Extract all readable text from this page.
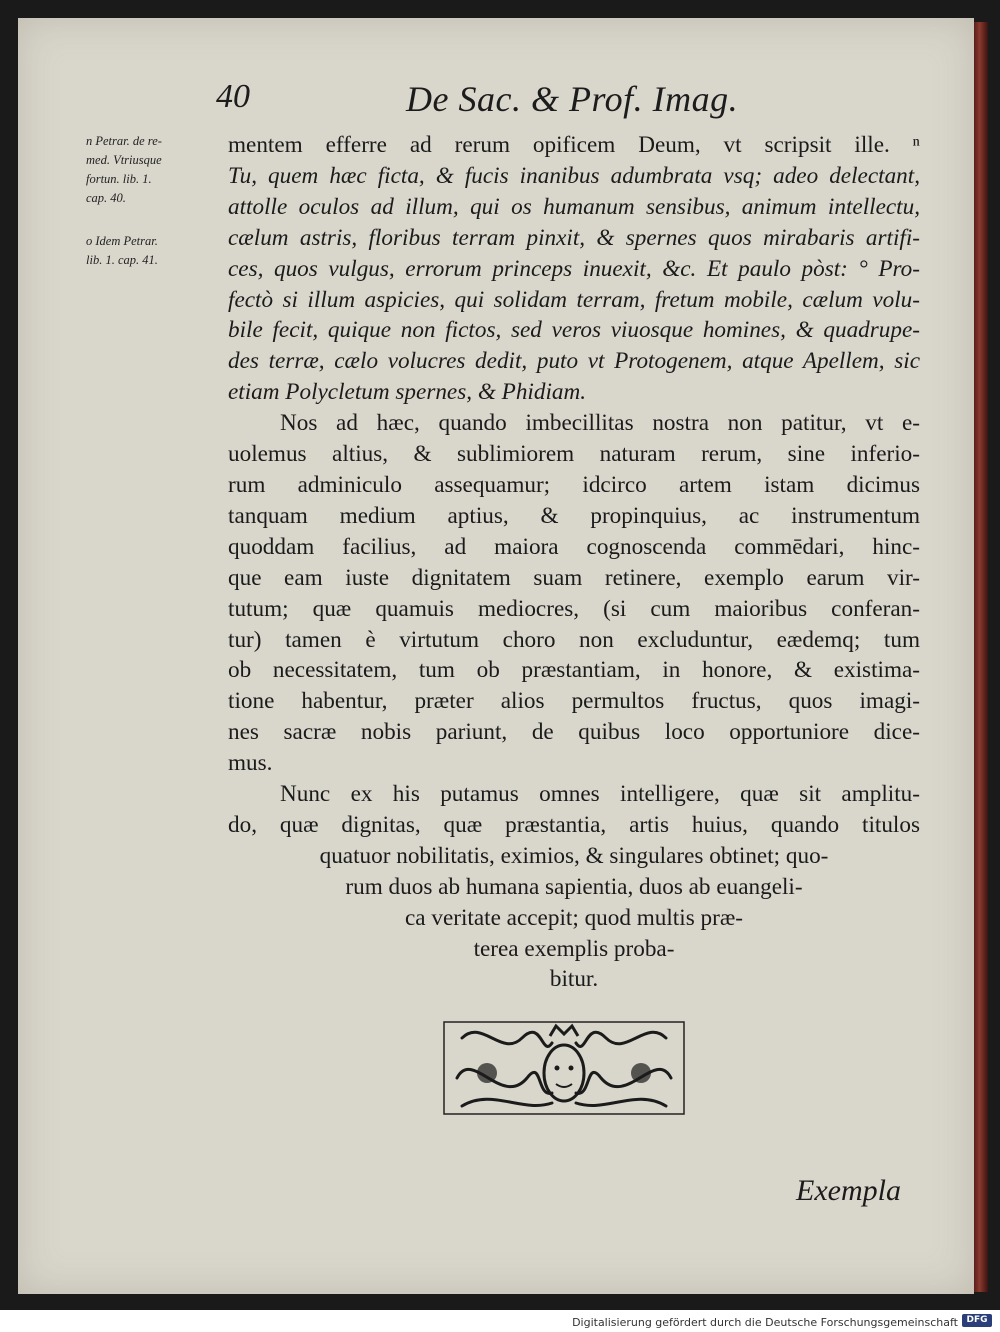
40	De Sac. & Prof. Imag.
n Petrar. de re-
med. Vtriusque
fortun. lib. 1.
cap. 40.
o Idem Petrar.
lib. 1. cap. 41.
mentem efferre ad rerum opificem Deum, vt scripsit ille. ⁿ
Tu, quem hæc ficta, & fucis inanibus adumbrata vsq; adeo delectant,
attolle oculos ad illum, qui os humanum sensibus, animum intellectu,
cælum astris, floribus terram pinxit, & spernes quos mirabaris artifi-
ces, quos vulgus, errorum princeps inuexit, &c. Et paulo pòst: ° Pro-
fectò si illum aspicies, qui solidam terram, fretum mobile, cælum volu-
bile fecit, quique non fictos, sed veros viuosque homines, & quadrupe-
des terræ, cælo volucres dedit, puto vt Protogenem, atque Apellem, sic
etiam Polycletum spernes, & Phidiam.
Nos ad hæc, quando imbecillitas nostra non patitur, vt e-
uolemus altius, & sublimiorem naturam rerum, sine inferio-
rum adminiculo assequamur; idcirco artem istam dicimus
tanquam medium aptius, & propinquius, ac instrumentum
quoddam facilius, ad maiora cognoscenda commēdari, hinc-
que eam iuste dignitatem suam retinere, exemplo earum vir-
tutum; quæ quamuis mediocres, (si cum maioribus conferan-
tur) tamen è virtutum choro non excluduntur, eædemq; tum
ob necessitatem, tum ob præstantiam, in honore, & existima-
tione habentur, præter alios permultos fructus, quos imagi-
nes sacræ nobis pariunt, de quibus loco opportuniore dice-
mus.
Nunc ex his putamus omnes intelligere, quæ sit amplitu-
do, quæ dignitas, quæ præstantia, artis huius, quando titulos
quatuor nobilitatis, eximios, & singulares obtinet; quo-
rum duos ab humana sapientia, duos ab euangeli-
ca veritate accepit; quod multis præ-
terea exemplis proba-
bitur.
Exempla
Digitalisierung gefördert durch die Deutsche Forschungsgemeinschaft DFG
